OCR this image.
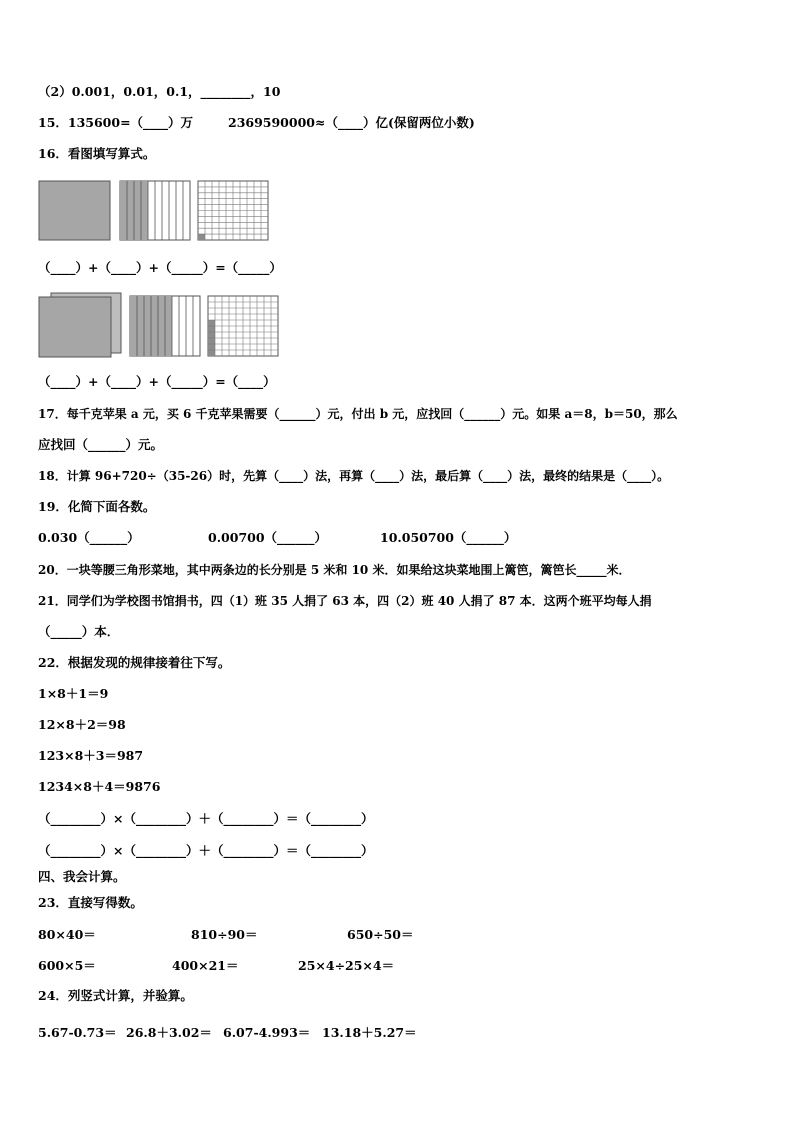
（2）0.001，0.01，0.1，________，10
15．135600=（____）万	2369590000≈（____）亿(保留两位小数)
16．看图填写算式。
（____）+（____）+（_____）=（_____）
（____）+（____）+（_____）=（____）
17．每千克苹果 a 元，买 6 千克苹果需要（______）元，付出 b 元，应找回（______）元。如果 a＝8，b＝50，那么
应找回（______）元。
18．计算 96+720÷（35-26）时，先算（____）法，再算（____）法，最后算（____）法，最终的结果是（____）。
19．化简下面各数。
0.030（______）	0.00700（______）	10.050700（______）
20．一块等腰三角形菜地，其中两条边的长分别是 5 米和 10 米．如果给这块菜地围上篱笆，篱笆长_____米．
21．同学们为学校图书馆捐书，四（1）班 35 人捐了 63 本，四（2）班 40 人捐了 87 本．这两个班平均每人捐
（_____）本．
22．根据发现的规律接着往下写。
1×8＋1＝9
12×8＋2＝98
123×8＋3＝987
1234×8＋4＝9876
（________）×（________）＋（________）＝（________）
（________）×（________）＋（________）＝（________）
四、我会计算。
23．直接写得数。
80×40＝	810÷90＝	650÷50＝
600×5＝	400×21＝	25×4÷25×4＝
24．列竖式计算，并验算。
5.67-0.73＝ 26.8＋3.02＝ 6.07-4.993＝ 13.18＋5.27＝
